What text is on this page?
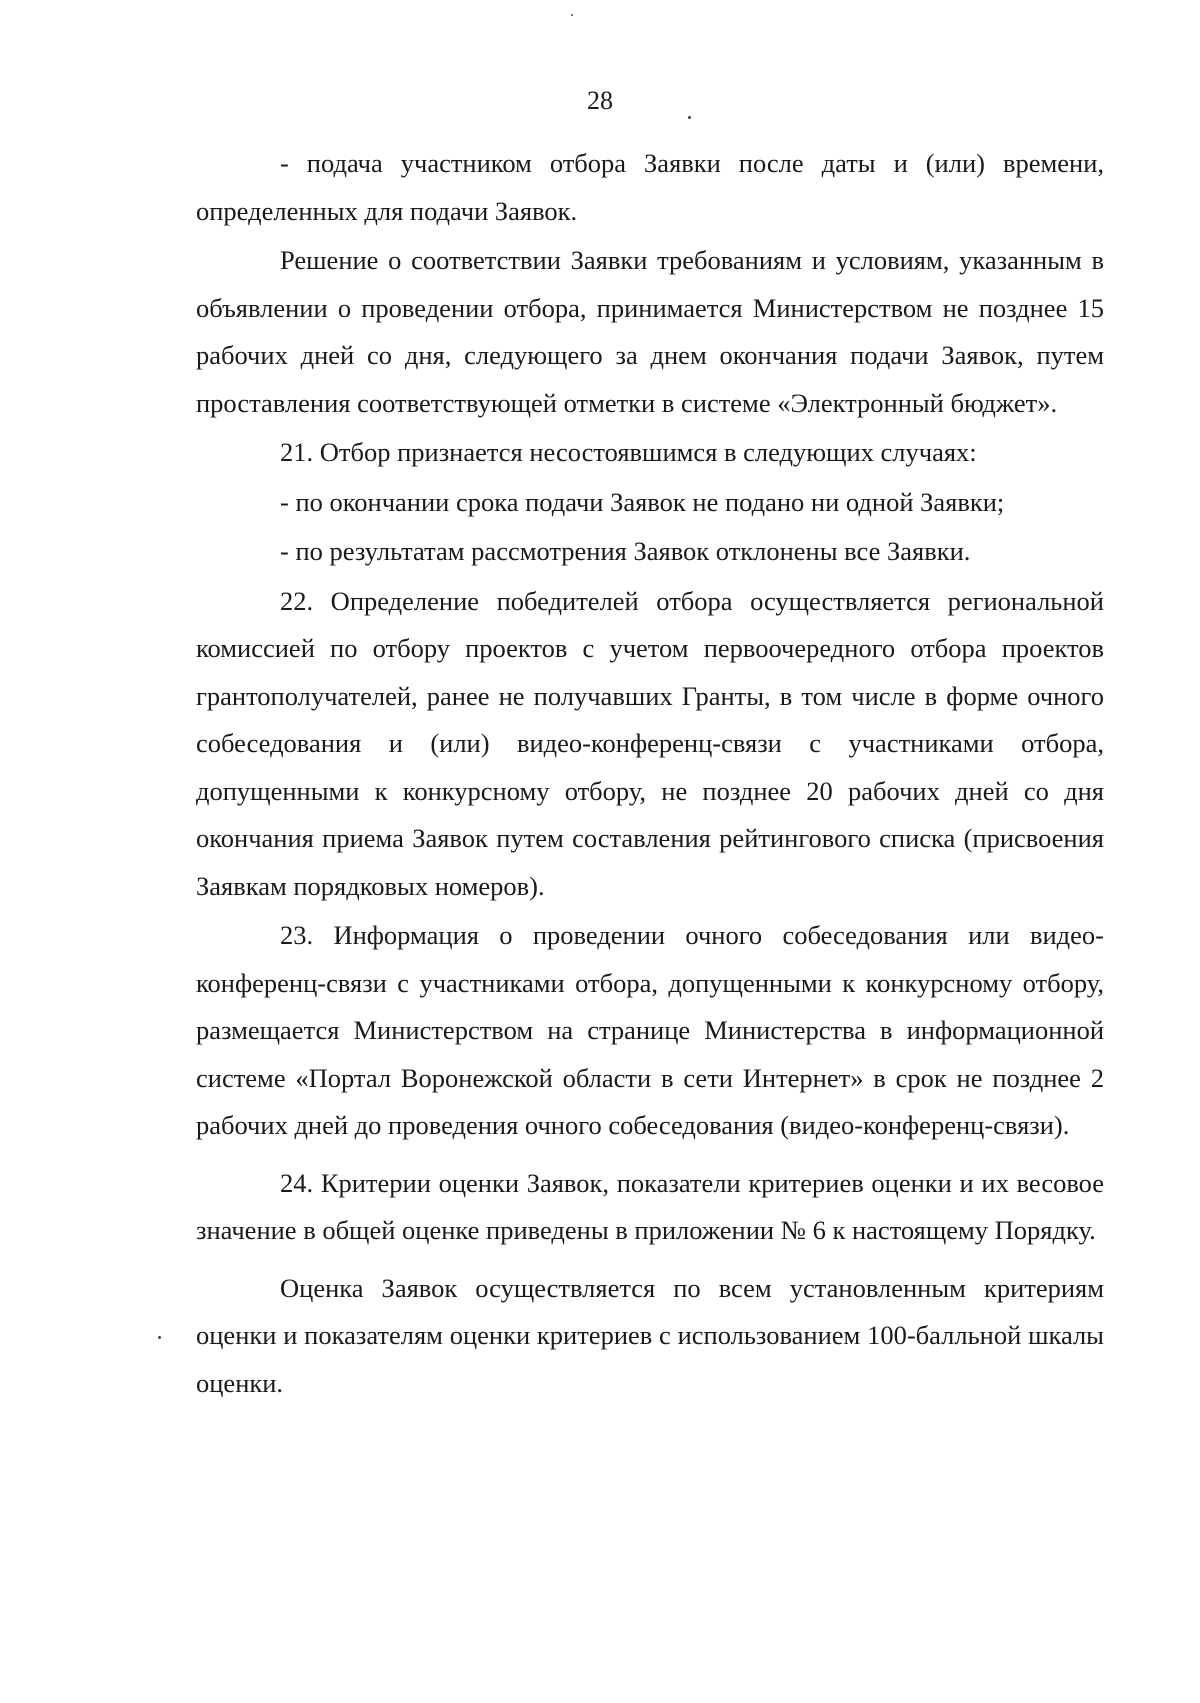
28

- подача участником отбора Заявки после даты и (или) времени, определенных для подачи Заявок.

Решение о соответствии Заявки требованиям и условиям, указанным в объявлении о проведении отбора, принимается Министерством не позднее 15 рабочих дней со дня, следующего за днем окончания подачи Заявок, путем проставления соответствующей отметки в системе «Электронный бюджет».

21. Отбор признается несостоявшимся в следующих случаях:

- по окончании срока подачи Заявок не подано ни одной Заявки;

- по результатам рассмотрения Заявок отклонены все Заявки.

22. Определение победителей отбора осуществляется региональной комиссией по отбору проектов с учетом первоочередного отбора проектов грантополучателей, ранее не получавших Гранты, в том числе в форме очного собеседования и (или) видео-конференц-связи с участниками отбора, допущенными к конкурсному отбору, не позднее 20 рабочих дней со дня окончания приема Заявок путем составления рейтингового списка (присвоения Заявкам порядковых номеров).

23. Информация о проведении очного собеседования или видео-конференц-связи с участниками отбора, допущенными к конкурсному отбору, размещается Министерством на странице Министерства в информационной системе «Портал Воронежской области в сети Интернет» в срок не позднее 2 рабочих дней до проведения очного собеседования (видео-конференц-связи).

24. Критерии оценки Заявок, показатели критериев оценки и их весовое значение в общей оценке приведены в приложении № 6 к настоящему Порядку.

Оценка Заявок осуществляется по всем установленным критериям оценки и показателям оценки критериев с использованием 100-балльной шкалы оценки.
